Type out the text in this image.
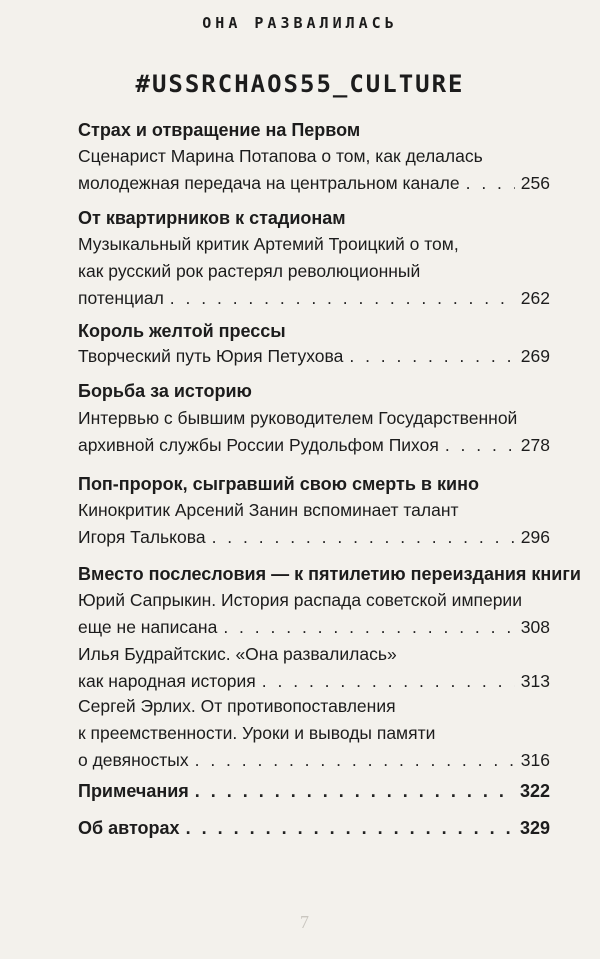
ОНА РАЗВАЛИЛАСЬ
#USSRCHAOS55_CULTURE
Страх и отвращение на Первом
Сценарист Марина Потапова о том, как делалась
молодежная передача на центральном канале . . .	256
От квартирников к стадионам
Музыкальный критик Артемий Троицкий о том,
как русский рок растерял революционный
потенциал . . .	262
Король желтой прессы
Творческий путь Юрия Петухова . . .	269
Борьба за историю
Интервью с бывшим руководителем Государственной
архивной службы России Рудольфом Пихоя . . .	278
Поп-пророк, сыгравший свою смерть в кино
Кинокритик Арсений Занин вспоминает талант
Игоря Талькова . . .	296
Вместо послесловия — к пятилетию переиздания книги
Юрий Сапрыкин. История распада советской империи
еще не написана . . .	308
Илья Будрайтскис. «Она развалилась»
как народная история . . .	313
Сергей Эрлих. От противопоставления
к преемственности. Уроки и выводы памяти
о девяностых . . .	316
Примечания . . .	322
Об авторах . . .	329
7
